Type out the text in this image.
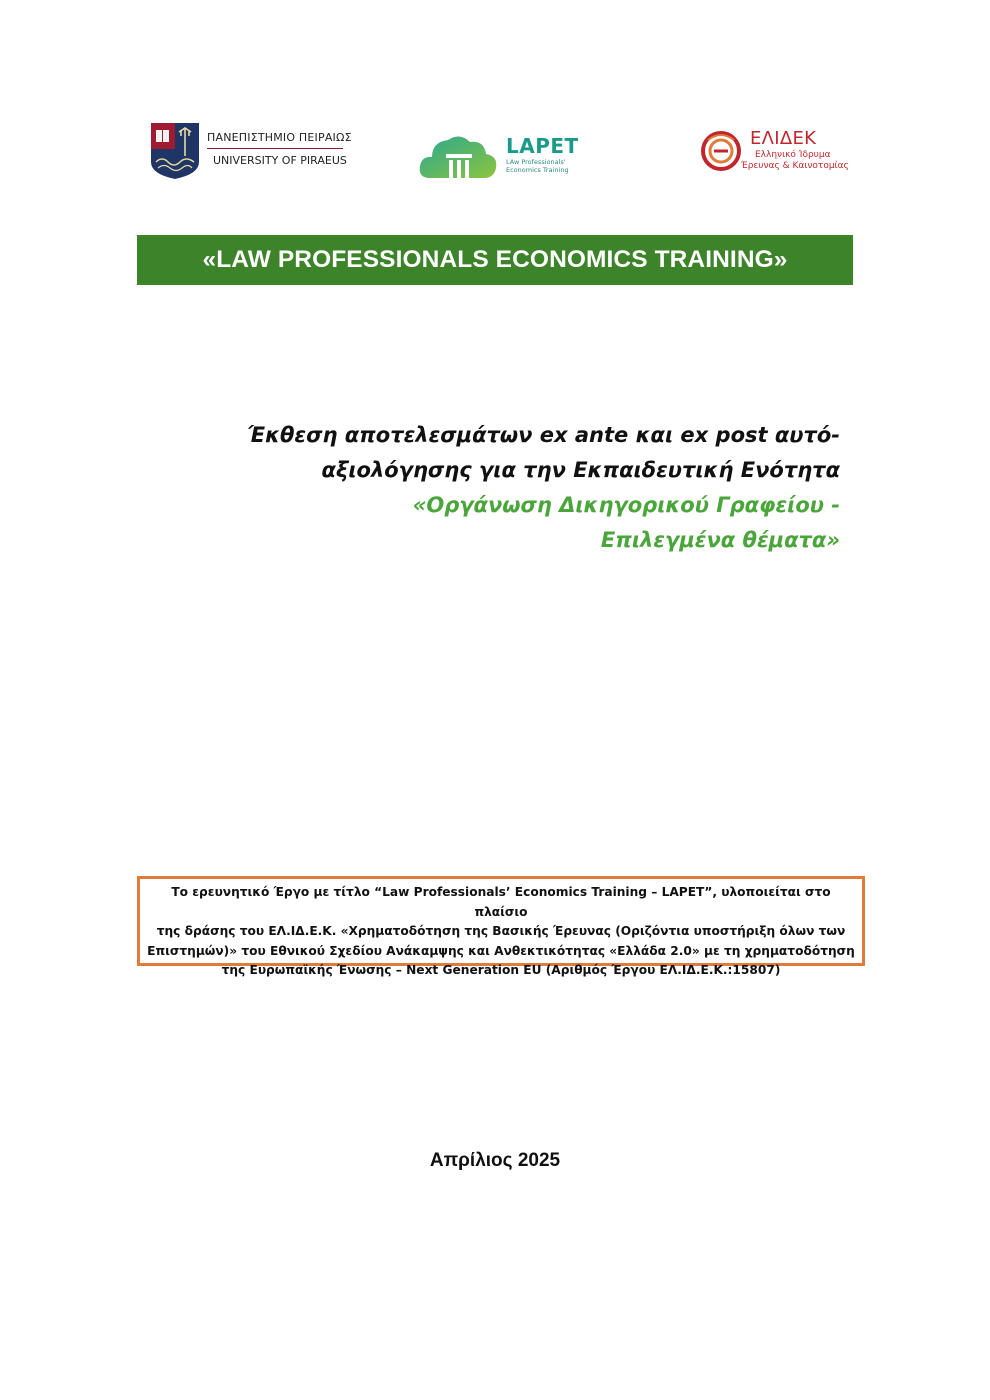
ΠΑΝΕΠΙΣΤΗΜΙΟ ΠΕΙΡΑΙΩΣ
UNIVERSITY OF PIRAEUS
LAPET
LAw Professionals'
Economics Training
ΕΛΙΔΕΚ
Ελληνικό Ίδρυμα
Έρευνας & Καινοτομίας
«LAW PROFESSIONALS ECONOMICS TRAINING»
Έκθεση αποτελεσμάτων ex ante και ex post αυτό-
αξιολόγησης για την Εκπαιδευτική Ενότητα
«Οργάνωση Δικηγορικού Γραφείου -
Επιλεγμένα θέματα»
Το ερευνητικό Έργο με τίτλο “Law Professionals’ Economics Training – LAPET”, υλοποιείται στο πλαίσιο
της δράσης του ΕΛ.ΙΔ.Ε.Κ. «Χρηματοδότηση της Βασικής Έρευνας (Οριζόντια υποστήριξη όλων των
Επιστημών)» του Εθνικού Σχεδίου Ανάκαμψης και Ανθεκτικότητας «Ελλάδα 2.0» με τη χρηματοδότηση
της Ευρωπαϊκής Ένωσης – Next Generation EU (Αριθμός Έργου ΕΛ.ΙΔ.Ε.Κ.:15807)
Απρίλιος 2025
